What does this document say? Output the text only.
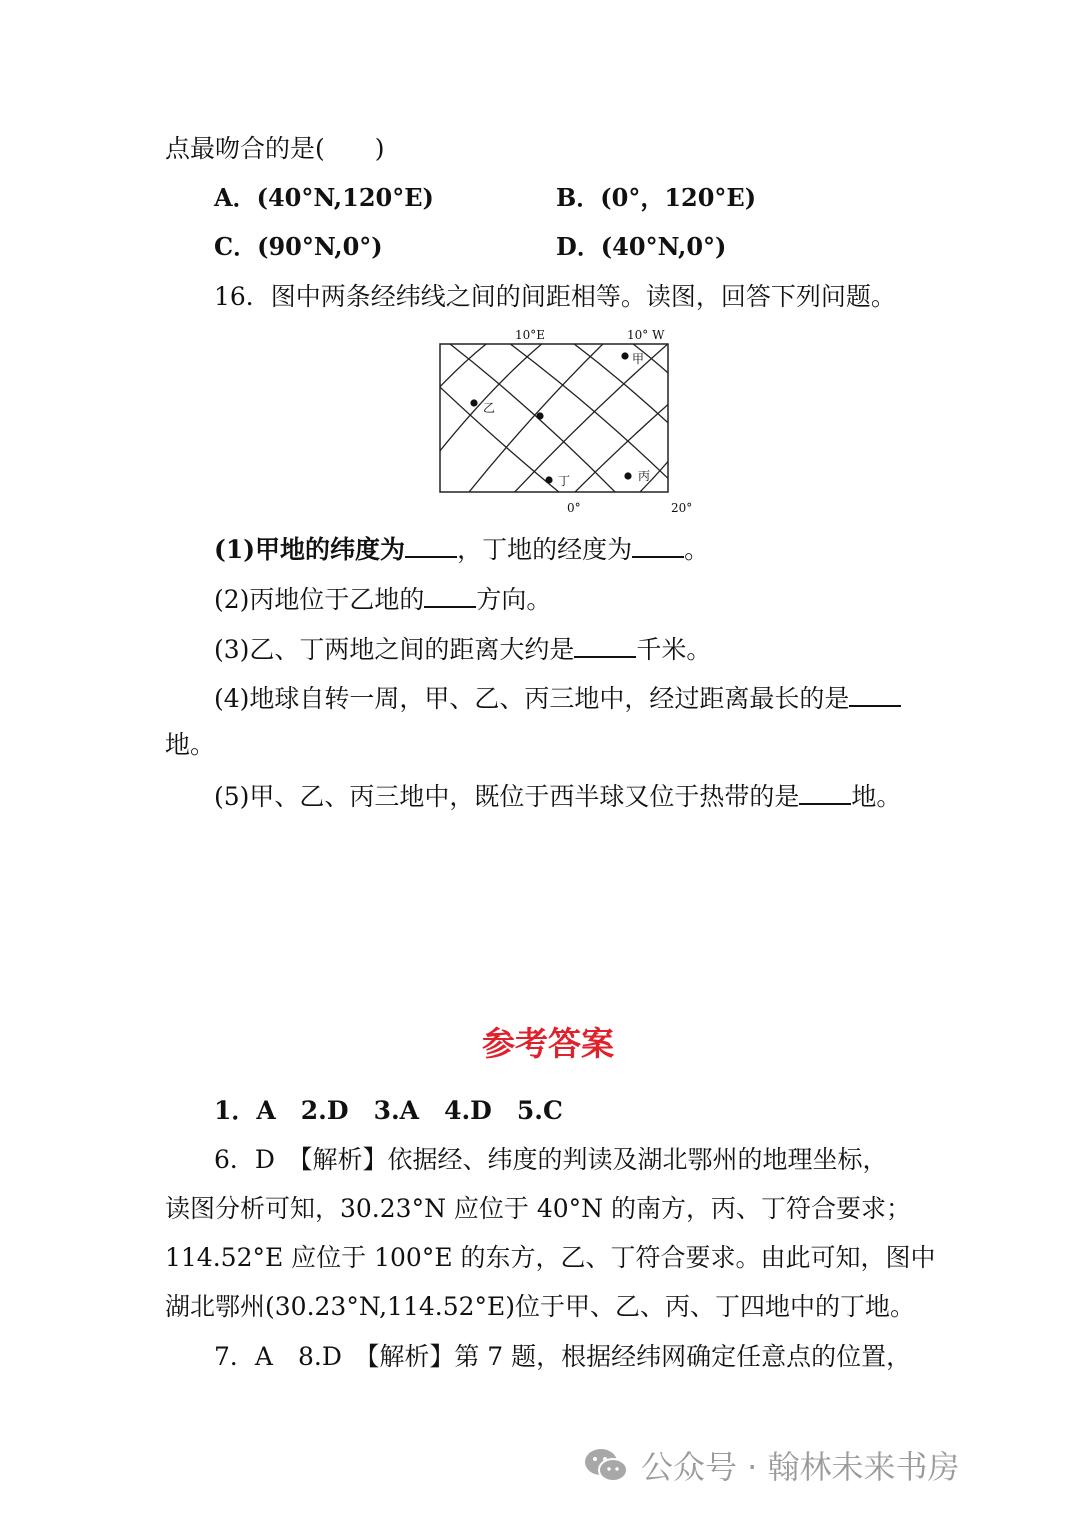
点最吻合的是(　　)
A．(40°N,120°E)	B．(0°，120°E)
C．(90°N,0°)	D．(40°N,0°)
16．图中两条经纬线之间的间距相等。读图，回答下列问题。
10°E	10° W
0°	20°
甲
乙
丙
丁
(1)甲地的纬度为 ，丁地的经度为 。
(2)丙地位于乙地的 方向。
(3)乙、丁两地之间的距离大约是 千米。
(4)地球自转一周，甲、乙、丙三地中，经过距离最长的是
地。
(5)甲、乙、丙三地中，既位于西半球又位于热带的是 地。
参考答案
1．A　2.D　3.A　4.D　5.C
6．D　【解析】依据经、纬度的判读及湖北鄂州的地理坐标，
读图分析可知，30.23°N 应位于 40°N 的南方，丙、丁符合要求；
114.52°E 应位于 100°E 的东方，乙、丁符合要求。由此可知，图中
湖北鄂州(30.23°N,114.52°E)位于甲、乙、丙、丁四地中的丁地。
7．A　8.D　【解析】第 7 题，根据经纬网确定任意点的位置，
公众号 · 翰林未来书房
